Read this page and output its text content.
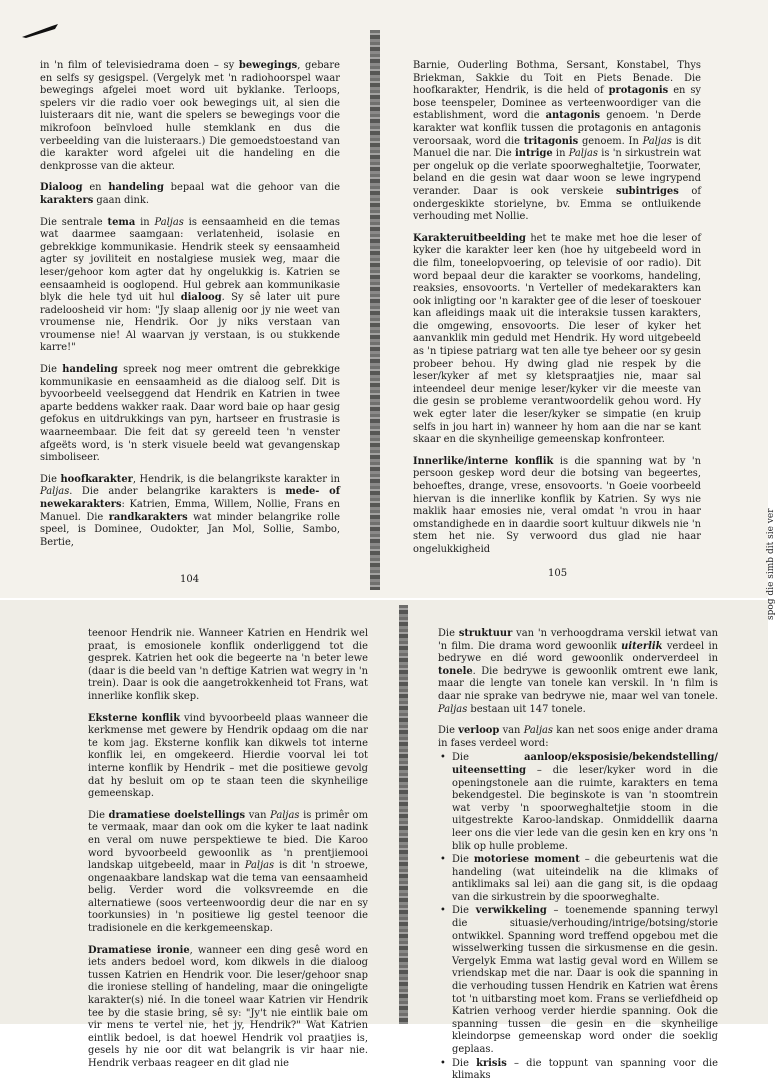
in 'n film of televisiedrama doen – sy bewegings, gebare en selfs sy gesigspel. (Vergelyk met 'n radiohoorspel waar bewegings afgelei moet word uit byklanke. Terloops, spelers vir die radio voer ook bewegings uit, al sien die luisteraars dit nie, want die spelers se bewegings voor die mikrofoon beïnvloed hulle stemklank en dus die verbeelding van die luisteraars.) Die gemoedstoestand van die karakter word afgelei uit die handeling en die denkprosse van die akteur.

Dialoog en handeling bepaal wat die gehoor van die karakters gaan dink.

Die sentrale tema in Paljas is eensaamheid en die temas wat daarmee saamgaan: verlatenheid, isolasie en gebrekkige kommunikasie. Hendrik steek sy eensaamheid agter sy joviliteit en nostalgiese musiek weg, maar die leser/gehoor kom agter dat hy ongelukkig is. Katrien se eensaamheid is ooglopend. Hul gebrek aan kommunikasie blyk die hele tyd uit hul dialoog. Sy sê later uit pure radeloosheid vir hom: "Jy slaap allenig oor jy nie weet van vroumense nie, Hendrik. Oor jy niks verstaan van vroumense nie! Al waarvan jy verstaan, is ou stukkende karre!"

Die handeling spreek nog meer omtrent die gebrekkige kommunikasie en eensaamheid as die dialoog self. Dit is byvoorbeeld veelseggend dat Hendrik en Katrien in twee aparte beddens wakker raak. Daar word baie op haar gesig gefokus en uitdrukkings van pyn, hartseer en frustrasie is waarneembaar. Die feit dat sy gereeld teen 'n venster afgeëts word, is 'n sterk visuele beeld wat gevangenskap simboliseer.

Die hoofkarakter, Hendrik, is die belangrikste karakter in Paljas. Die ander belangrike karakters is mede- of newekarakters: Katrien, Emma, Willem, Nollie, Frans en Manuel. Die randkarakters wat minder belangrike rolle speel, is Dominee, Oudokter, Jan Mol, Sollie, Sambo, Bertie,

104

Barnie, Ouderling Bothma, Sersant, Konstabel, Thys Briekman, Sakkie du Toit en Piets Benade. Die hoofkarakter, Hendrik, is die held of protagonis en sy bose teenspeler, Dominee as verteenwoordiger van die establishment, word die antagonis genoem. 'n Derde karakter wat konflik tussen die protagonis en antagonis veroorsaak, word die tritagonis genoem. In Paljas is dit Manuel die nar. Die intrige in Paljas is 'n sirkustrein wat per ongeluk op die verlate spoorweghaltetjie, Toorwater, beland en die gesin wat daar woon se lewe ingrypend verander. Daar is ook verskeie subintriges of ondergeskikte storielyne, bv. Emma se ontluikende verhouding met Nollie.

Karakteruitbeelding het te make met hoe die leser of kyker die karakter leer ken (hoe hy uitgebeeld word in die film, toneelopvoering, op televisie of oor radio). Dit word bepaal deur die karakter se voorkoms, handeling, reaksies, ensovoorts. 'n Verteller of medekarakters kan ook inligting oor 'n karakter gee of die leser of toeskouer kan afleidings maak uit die interaksie tussen karakters, die omgewing, ensovoorts. Die leser of kyker het aanvanklik min geduld met Hendrik. Hy word uitgebeeld as 'n tipiese patriarg wat ten alle tye beheer oor sy gesin probeer behou. Hy dwing glad nie respek by die leser/kyker af met sy kletspraatjies nie, maar sal inteendeel deur menige leser/kyker vir die meeste van die gesin se probleme verantwoordelik gehou word. Hy wek egter later die leser/kyker se simpatie (en kruip selfs in jou hart in) wanneer hy hom aan die nar se kant skaar en die skynheilige gemeenskap konfronteer.

Innerlike/interne konflik is die spanning wat by 'n persoon geskep word deur die botsing van begeertes, behoeftes, drange, vrese, ensovoorts. 'n Goeie voorbeeld hiervan is die innerlike konflik by Katrien. Sy wys nie maklik haar emosies nie, veral omdat 'n vrou in haar omstandighede en in daardie soort kultuur dikwels nie 'n stem het nie. Sy verwoord dus glad nie haar ongelukkigheid

105

teenoor Hendrik nie. Wanneer Katrien en Hendrik wel praat, is emosionele konflik onderliggend tot die gesprek. Katrien het ook die begeerte na 'n beter lewe (daar is die beeld van 'n deftige Katrien wat wegry in 'n trein). Daar is ook die aangetrokkenheid tot Frans, wat innerlike konflik skep.

Eksterne konflik vind byvoorbeeld plaas wanneer die kerkmense met gewere by Hendrik opdaag om die nar te kom jag. Eksterne konflik kan dikwels tot interne konflik lei, en omgekeerd. Hierdie voorval lei tot interne konflik by Hendrik – met die positiewe gevolg dat hy besluit om op te staan teen die skynheilige gemeenskap.

Die dramatiese doelstellings van Paljas is primêr om te vermaak, maar dan ook om die kyker te laat nadink en veral om nuwe perspektiewe te bied. Die Karoo word byvoorbeeld gewoonlik as 'n prentjiemooi landskap uitgebeeld, maar in Paljas is dit 'n stroewe, ongenaakbare landskap wat die tema van eensaamheid belig. Verder word die volksvreemde en die alternatiewe (soos verteenwoordig deur die nar en sy toorkunsies) in 'n positiewe lig gestel teenoor die tradisionele en die kerkgemeenskap.

Dramatiese ironie, wanneer een ding gesê word en iets anders bedoel word, kom dikwels in die dialoog tussen Katrien en Hendrik voor. Die leser/gehoor snap die ironiese stelling of handeling, maar die oningeligte karakter(s) nié. In die toneel waar Katrien vir Hendrik tee by die stasie bring, sê sy: "Jy't nie eintlik baie om vir mens te vertel nie, het jy, Hendrik?" Wat Katrien eintlik bedoel, is dat hoewel Hendrik vol praatjies is, gesels hy nie oor dit wat belangrik is vir haar nie. Hendrik verbaas reageer en dit glad nie

Die struktuur van 'n verhoogdrama verskil ietwat van 'n film. Die drama word gewoonlik uiterlik verdeel in bedrywe en dié word gewoonlik onderverdeel in tonele. Die bedrywe is gewoonlik omtrent ewe lank, maar die lengte van tonele kan verskil. In 'n film is daar nie sprake van bedrywe nie, maar wel van tonele. Paljas bestaan uit 147 tonele.

Die verloop van Paljas kan net soos enige ander drama in fases verdeel word:

• Die aanloop/eksposisie/bekendstelling/ uiteensetting – die leser/kyker word in die openingstonele aan die ruimte, karakters en tema bekendgestel. Die beginskote is van 'n stoomtrein wat verby 'n spoorweghaltetjie stoom in die uitgestrekte Karoo-landskap. Onmiddellik daarna leer ons die vier lede van die gesin ken en kry ons 'n blik op hulle probleme.
• Die motoriese moment – die gebeurtenis wat die handeling (wat uiteindelik na die klimaks of antiklimaks sal lei) aan die gang sit, is die opdaag van die sirkustrein by die spoorweghalte.
• Die verwikkeling – toenemende spanning terwyl die situasie/verhouding/intrige/botsing/storie ontwikkel. Spanning word treffend opgebou met die wisselwerking tussen die sirkusmense en die gesin. Vergelyk Emma wat lastig geval word en Willem se vriendskap met die nar. Daar is ook die spanning in die verhouding tussen Hendrik en Katrien wat êrens tot 'n uitbarsting moet kom. Frans se verliefdheid op Katrien verhoog verder hierdie spanning. Ook die spanning tussen die gesin en die skynheilige kleindorpse gemeenskap word onder die soeklig geplaas.
• Die krisis – die toppunt van spanning voor die klimaks
spog die simb dit sie ver
